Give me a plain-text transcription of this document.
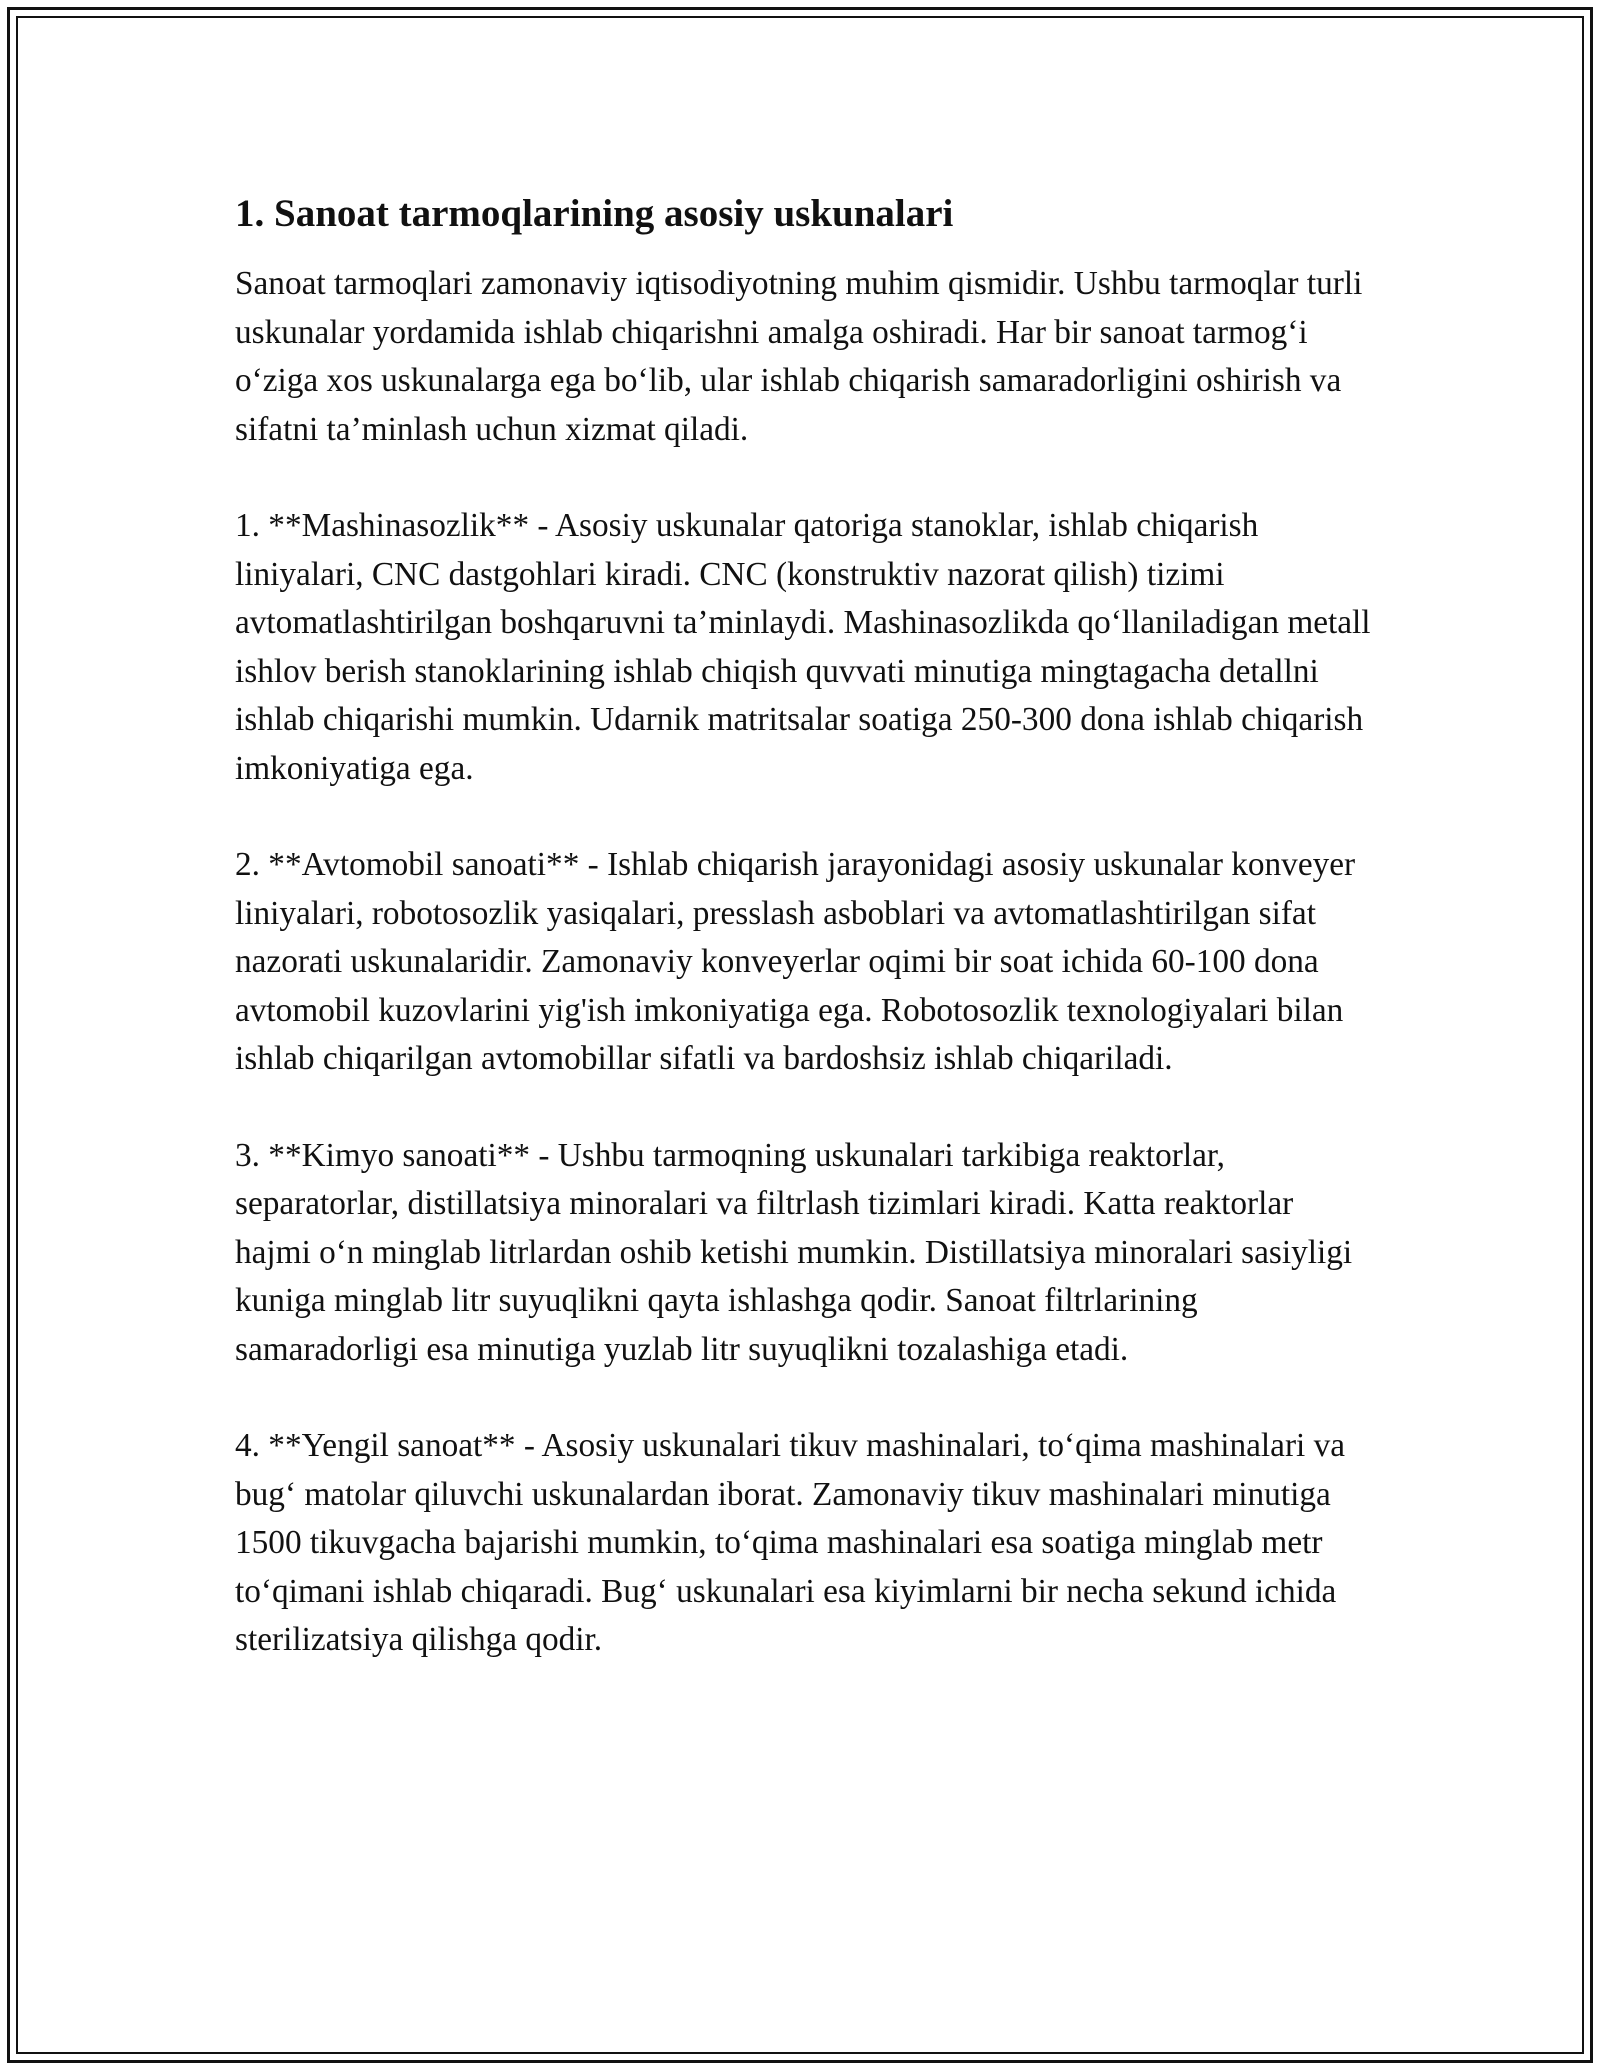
1. Sanoat tarmoqlarining asosiy uskunalari

Sanoat tarmoqlari zamonaviy iqtisodiyotning muhim qismidir. Ushbu tarmoqlar turli uskunalar yordamida ishlab chiqarishni amalga oshiradi. Har bir sanoat tarmog‘i o‘ziga xos uskunalarga ega bo‘lib, ular ishlab chiqarish samaradorligini oshirish va sifatni ta’minlash uchun xizmat qiladi.

1. **Mashinasozlik** - Asosiy uskunalar qatoriga stanoklar, ishlab chiqarish liniyalari, CNC dastgohlari kiradi. CNC (konstruktiv nazorat qilish) tizimi avtomatlashtirilgan boshqaruvni ta’minlaydi. Mashinasozlikda qo‘llaniladigan metall ishlov berish stanoklarining ishlab chiqish quvvati minutiga mingtagacha detallni ishlab chiqarishi mumkin. Udarnik matritsalar soatiga 250-300 dona ishlab chiqarish imkoniyatiga ega.

2. **Avtomobil sanoati** - Ishlab chiqarish jarayonidagi asosiy uskunalar konveyer liniyalari, robotosozlik yasiqalari, presslash asboblari va avtomatlashtirilgan sifat nazorati uskunalaridir. Zamonaviy konveyerlar oqimi bir soat ichida 60-100 dona avtomobil kuzovlarini yig'ish imkoniyatiga ega. Robotosozlik texnologiyalari bilan ishlab chiqarilgan avtomobillar sifatli va bardoshsiz ishlab chiqariladi.

3. **Kimyo sanoati** - Ushbu tarmoqning uskunalari tarkibiga reaktorlar, separatorlar, distillatsiya minoralari va filtrlash tizimlari kiradi. Katta reaktorlar hajmi o‘n minglab litrlardan oshib ketishi mumkin. Distillatsiya minoralari sasiyligi kuniga minglab litr suyuqlikni qayta ishlashga qodir. Sanoat filtrlarining samaradorligi esa minutiga yuzlab litr suyuqlikni tozalashiga etadi.

4. **Yengil sanoat** - Asosiy uskunalari tikuv mashinalari, to‘qima mashinalari va bug‘ matolar qiluvchi uskunalardan iborat. Zamonaviy tikuv mashinalari minutiga 1500 tikuvgacha bajarishi mumkin, to‘qima mashinalari esa soatiga minglab metr to‘qimani ishlab chiqaradi. Bug‘ uskunalari esa kiyimlarni bir necha sekund ichida sterilizatsiya qilishga qodir.
